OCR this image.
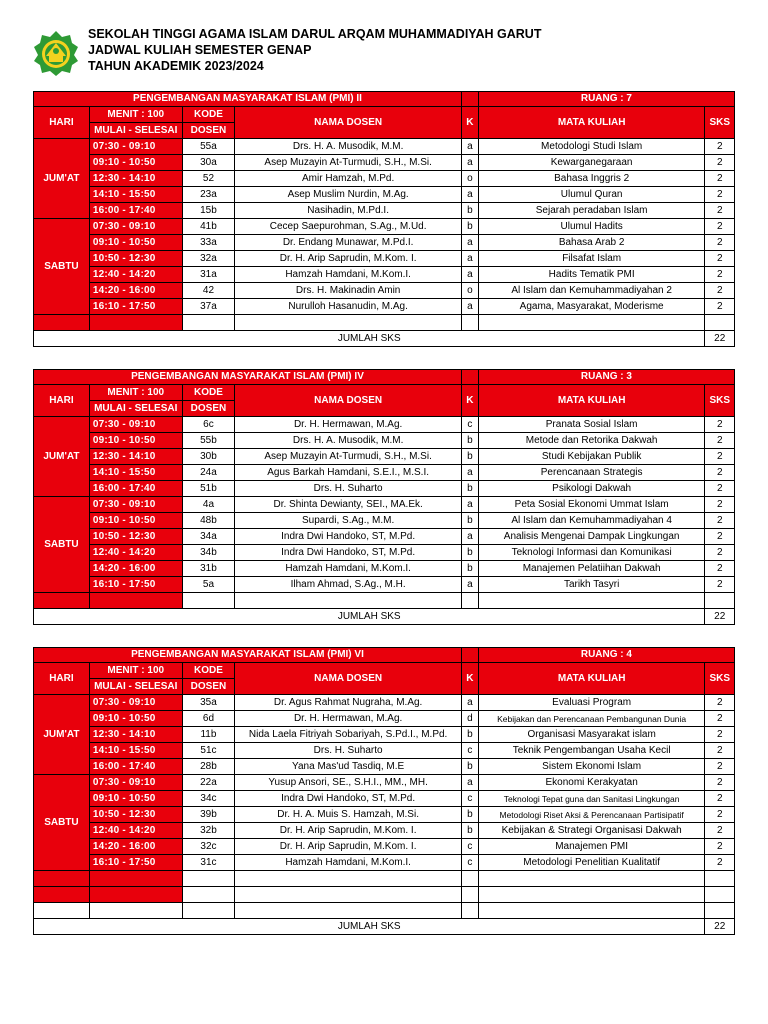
SEKOLAH TINGGI AGAMA ISLAM DARUL ARQAM MUHAMMADIYAH GARUT
JADWAL KULIAH SEMESTER GENAP
TAHUN AKADEMIK 2023/2024
PENGEMBANGAN MASYARAKAT ISLAM (PMI) II					RUANG : 7	
HARI	MENIT : 100	KODE	NAMA DOSEN	K	MATA KULIAH	SKS
	MULAI - SELESAI	DOSEN				
JUM'AT	07:30 - 09:10	55a	Drs. H. A. Musodik, M.M.	a	Metodologi Studi Islam	2
	09:10 - 10:50	30a	Asep Muzayin At-Turmudi, S.H., M.Si.	a	Kewarganegaraan	2
	12:30 - 14:10	52	Amir Hamzah, M.Pd.	o	Bahasa Inggris 2	2
	14:10 - 15:50	23a	Asep Muslim Nurdin, M.Ag.	a	Ulumul Quran	2
	16:00 - 17:40	15b	Nasihadin, M.Pd.I.	b	Sejarah peradaban Islam	2
SABTU	07:30 - 09:10	41b	Cecep Saepurohman, S.Ag., M.Ud.	b	Ulumul Hadits	2
	09:10 - 10:50	33a	Dr. Endang Munawar, M.Pd.I.	a	Bahasa Arab 2	2
	10:50 - 12:30	32a	Dr. H. Arip Saprudin, M.Kom. I.	a	Filsafat Islam	2
	12:40 - 14:20	31a	Hamzah Hamdani, M.Kom.I.	a	Hadits Tematik PMI	2
	14:20 - 16:00	42	Drs. H. Makinadin Amin	o	Al Islam dan Kemuhammadiyahan 2	2
	16:10 - 17:50	37a	Nurulloh Hasanudin, M.Ag.	a	Agama, Masyarakat, Moderisme	2

JUMLAH SKS						22
PENGEMBANGAN MASYARAKAT ISLAM (PMI) IV					RUANG : 3	
HARI	MENIT : 100	KODE	NAMA DOSEN	K	MATA KULIAH	SKS
	MULAI - SELESAI	DOSEN				
JUM'AT	07:30 - 09:10	6c	Dr. H. Hermawan, M.Ag.	c	Pranata Sosial Islam	2
	09:10 - 10:50	55b	Drs. H. A. Musodik, M.M.	b	Metode dan Retorika Dakwah	2
	12:30 - 14:10	30b	Asep Muzayin At-Turmudi, S.H., M.Si.	b	Studi Kebijakan Publik	2
	14:10 - 15:50	24a	Agus Barkah Hamdani, S.E.I., M.S.I.	a	Perencanaan Strategis	2
	16:00 - 17:40	51b	Drs. H. Suharto	b	Psikologi Dakwah	2
SABTU	07:30 - 09:10	4a	Dr. Shinta Dewianty, SEI., MA.Ek.	a	Peta Sosial Ekonomi Ummat Islam	2
	09:10 - 10:50	48b	Supardi, S.Ag., M.M.	b	Al Islam dan Kemuhammadiyahan 4	2
	10:50 - 12:30	34a	Indra Dwi Handoko, ST, M.Pd.	a	Analisis Mengenai Dampak Lingkungan	2
	12:40 - 14:20	34b	Indra Dwi Handoko, ST, M.Pd.	b	Teknologi Informasi dan Komunikasi	2
	14:20 - 16:00	31b	Hamzah Hamdani, M.Kom.I.	b	Manajemen Pelatiihan Dakwah	2
	16:10 - 17:50	5a	Ilham Ahmad, S.Ag., M.H.	a	Tarikh Tasyri	2

JUMLAH SKS						22
PENGEMBANGAN MASYARAKAT ISLAM (PMI) VI					RUANG : 4	
HARI	MENIT : 100	KODE	NAMA DOSEN	K	MATA KULIAH	SKS
	MULAI - SELESAI	DOSEN				
JUM'AT	07:30 - 09:10	35a	Dr. Agus Rahmat Nugraha, M.Ag.	a	Evaluasi Program	2
	09:10 - 10:50	6d	Dr. H. Hermawan, M.Ag.	d	Kebijakan dan Perencanaan Pembangunan Dunia	2
	12:30 - 14:10	11b	Nida Laela Fitriyah Sobariyah, S.Pd.I., M.Pd.	b	Organisasi Masyarakat islam	2
	14:10 - 15:50	51c	Drs. H. Suharto	c	Teknik Pengembangan Usaha Kecil	2
	16:00 - 17:40	28b	Yana Mas'ud Tasdiq, M.E	b	Sistem Ekonomi Islam	2
SABTU	07:30 - 09:10	22a	Yusup Ansori, SE., S.H.I., MM., MH.	a	Ekonomi Kerakyatan	2
	09:10 - 10:50	34c	Indra Dwi Handoko, ST, M.Pd.	c	Teknologi Tepat guna dan Sanitasi Lingkungan	2
	10:50 - 12:30	39b	Dr. H. A. Muis S. Hamzah, M.Si.	b	Metodologi Riset Aksi & Perencanaan Partisipatif	2
	12:40 - 14:20	32b	Dr. H. Arip Saprudin, M.Kom. I.	b	Kebijakan & Strategi Organisasi Dakwah	2
	14:20 - 16:00	32c	Dr. H. Arip Saprudin, M.Kom. I.	c	Manajemen PMI	2
	16:10 - 17:50	31c	Hamzah Hamdani, M.Kom.I.	c	Metodologi Penelitian Kualitatif	2

JUMLAH SKS						22
